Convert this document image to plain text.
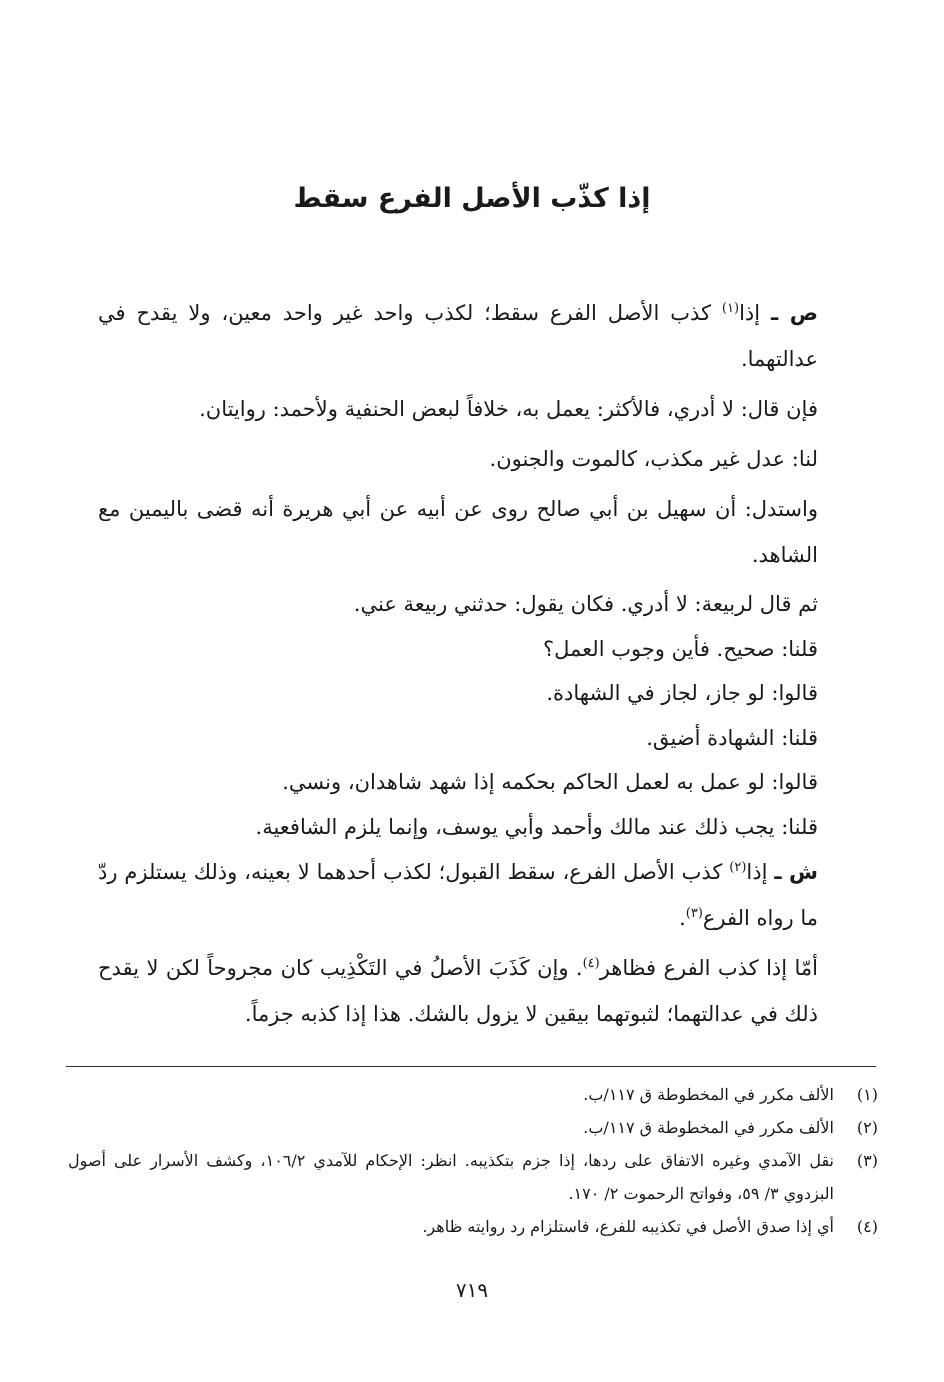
إذا كذّب الأصل الفرع سقط

ص ـ إذا$^{(١)}$ كذب الأصل الفرع سقط؛ لكذب واحد غير واحد معين، ولا يقدح في عدالتهما.

فإن قال: لا أدري، فالأكثر: يعمل به، خلافاً لبعض الحنفية ولأحمد: روايتان.

لنا: عدل غير مكذب، كالموت والجنون.

واستدل: أن سهيل بن أبي صالح روى عن أبيه عن أبي هريرة أنه قضى باليمين مع الشاهد.

ثم قال لربيعة: لا أدري. فكان يقول: حدثني ربيعة عني.

قلنا: صحيح. فأين وجوب العمل؟

قالوا: لو جاز، لجاز في الشهادة.

قلنا: الشهادة أضيق.

قالوا: لو عمل به لعمل الحاكم بحكمه إذا شهد شاهدان، ونسي.

قلنا: يجب ذلك عند مالك وأحمد وأبي يوسف، وإنما يلزم الشافعية.

ش ـ إذا$^{(٢)}$ كذب الأصل الفرع، سقط القبول؛ لكذب أحدهما لا بعينه، وذلك يستلزم ردّ ما رواه الفرع$^{(٣)}$.

أمّا إذا كذب الفرع فظاهر$^{(٤)}$. وإن كَذَبَ الأصلُ في التَكْذِيب كان مجروحاً لكن لا يقدح ذلك في عدالتهما؛ لثبوتهما بيقين لا يزول بالشك. هذا إذا كذبه جزماً.

(١)
الألف مكرر في المخطوطة ق ١١٧/ب.

(٢)
الألف مكرر في المخطوطة ق ١١٧/ب.

(٣)
نقل الآمدي وغيره الاتفاق على ردها، إذا جزم بتكذيبه. انظر: الإحكام للآمدي ١٠٦/٢، وكشف الأسرار على أصول البزدوي ٣/ ٥٩، وفواتح الرحموت ٢/ ١٧٠.

(٤)
أي إذا صدق الأصل في تكذيبه للفرع، فاستلزام رد روايته ظاهر.

٧١٩
